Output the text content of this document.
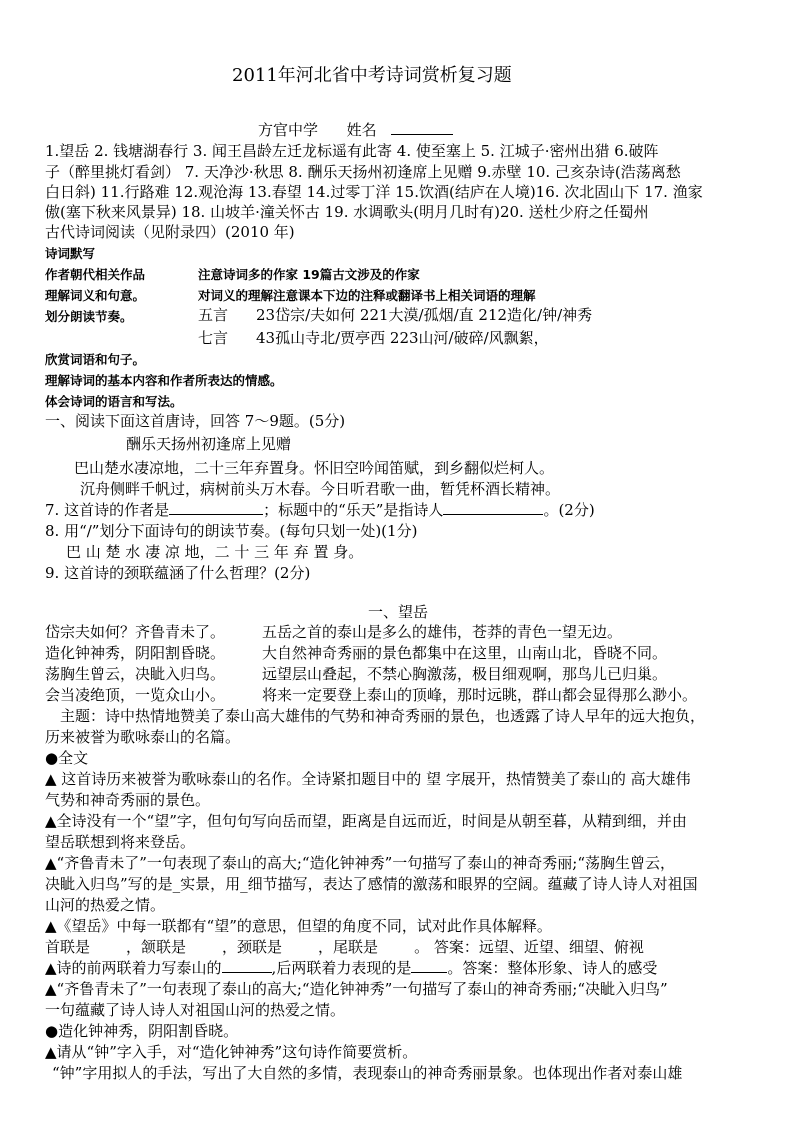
2011年河北省中考诗词赏析复习题
方官中学 姓名
1.望岳 2. 钱塘湖春行 3. 闻王昌龄左迁龙标遥有此寄 4. 使至塞上 5. 江城子·密州出猎 6.破阵
子（醉里挑灯看剑） 7. 天净沙·秋思 8. 酬乐天扬州初逢席上见赠 9.赤壁 10. 己亥杂诗(浩荡离愁
白日斜) 11.行路难 12.观沧海 13.春望 14.过零丁洋 15.饮酒(结庐在人境)16. 次北固山下 17. 渔家
傲(塞下秋来风景异) 18. 山坡羊·潼关怀古 19. 水调歌头(明月几时有)20. 送杜少府之任蜀州
古代诗词阅读（见附录四）(2010 年)
诗词默写
作者朝代相关作品	注意诗词多的作家 19篇古文涉及的作家
理解词义和句意。	对词义的理解注意课本下边的注释或翻译书上相关词语的理解
划分朗读节奏。	五言 23岱宗/夫如何 221大漠/孤烟/直 212造化/钟/神秀
七言 43孤山寺北/贾亭西 223山河/破碎/风飘絮，
欣赏词语和句子。
理解诗词的基本内容和作者所表达的情感。
体会诗词的语言和写法。
一、阅读下面这首唐诗，回答 7～9题。(5分)
酬乐天扬州初逢席上见赠
巴山楚水凄凉地，二十三年弃置身。怀旧空吟闻笛赋，到乡翻似烂柯人。
沉舟侧畔千帆过，病树前头万木春。今日听君歌一曲，暂凭杯酒长精神。
7. 这首诗的作者是	；标题中的“乐天”是指诗人	。(2分)
8. 用“/”划分下面诗句的朗读节奏。(每句只划一处)(1分)
巴 山 楚 水 凄 凉 地，二 十 三 年 弃 置 身。
9. 这首诗的颈联蕴涵了什么哲理？(2分)
一、望岳
岱宗夫如何？齐鲁青未了。 五岳之首的泰山是多么的雄伟，苍莽的青色一望无边。
造化钟神秀，阴阳割昏晓。 大自然神奇秀丽的景色都集中在这里，山南山北，昏晓不同。
荡胸生曾云，决眦入归鸟。 远望层山叠起，不禁心胸激荡，极目细观啊，那鸟儿已归巢。
会当凌绝顶，一览众山小。 将来一定要登上泰山的顶峰，那时远眺，群山都会显得那么渺小。
主题：诗中热情地赞美了泰山高大雄伟的气势和神奇秀丽的景色，也透露了诗人早年的远大抱负，
历来被誉为歌咏泰山的名篇。
●全文
▲ 这首诗历来被誉为歌咏泰山的名作。全诗紧扣题目中的 望 字展开，热情赞美了泰山的 高大雄伟
气势和神奇秀丽的景色。
▲全诗没有一个“望”字，但句句写向岳而望，距离是自远而近，时间是从朝至暮，从精到细，并由
望岳联想到将来登岳。
▲“齐鲁青未了”一句表现了泰山的高大;“造化钟神秀”一句描写了泰山的神奇秀丽;“荡胸生曾云，
决眦入归鸟”写的是_实景，用_细节描写，表达了感情的激荡和眼界的空阔。蕴藏了诗人诗人对祖国
山河的热爱之情。
▲《望岳》中每一联都有“望”的意思，但望的角度不同，试对此作具体解释。
首联是 ，颔联是 ，颈联是 ，尾联是 。 答案：远望、近望、细望、俯视
▲诗的前两联着力写泰山的	,后两联着力表现的是 。答案：整体形象、诗人的感受
▲“齐鲁青未了”一句表现了泰山的高大;“造化钟神秀”一句描写了泰山的神奇秀丽;“决眦入归鸟”
一句蕴藏了诗人诗人对祖国山河的热爱之情。
●造化钟神秀，阴阳割昏晓。
▲请从“钟”字入手，对“造化钟神秀”这句诗作简要赏析。
“钟”字用拟人的手法，写出了大自然的多情，表现泰山的神奇秀丽景象。也体现出作者对泰山雄
